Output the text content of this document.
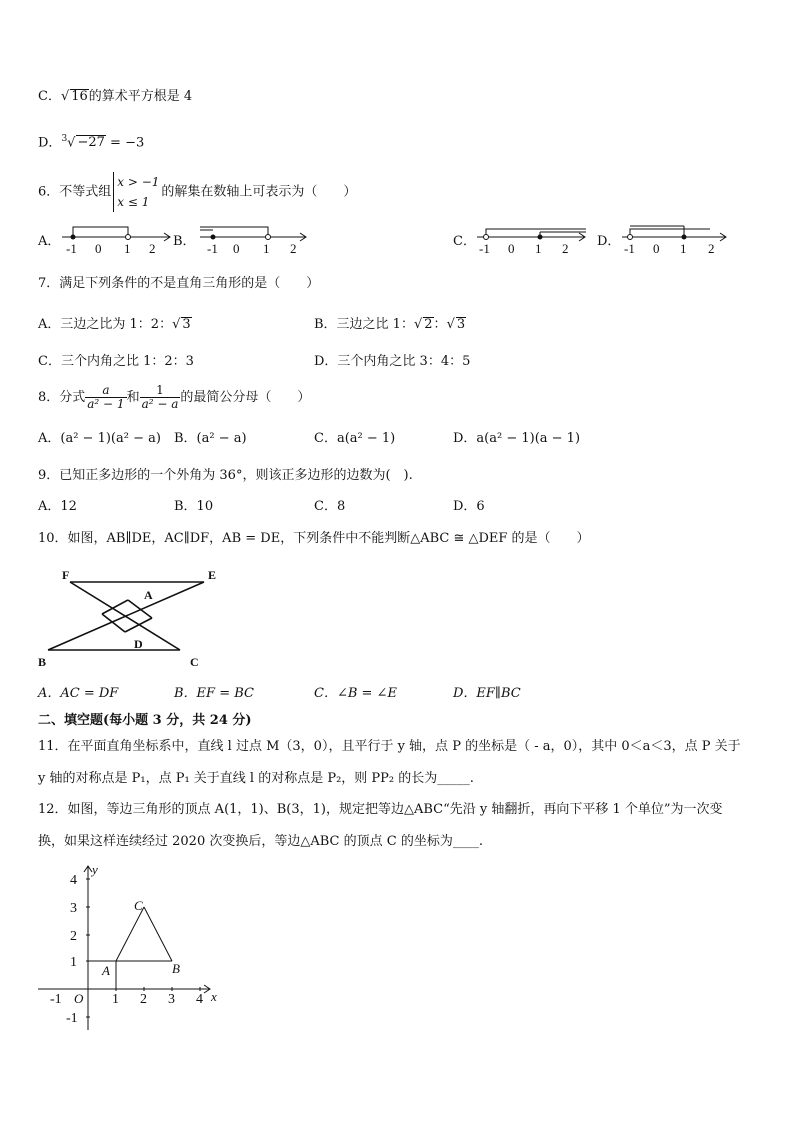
C．√ 16的算术平方根是 4
D．$^3$√ −27 = −3
6．不等式组
x > −1
x ≤ 1
的解集在数轴上可表示为（　　）
A．	B．	C．	D．
-1 0 1 2	-1 0 1 2	-1 0 1 2	-1 0 1 2
7．满足下列条件的不是直角三角形的是（　　）
A．三边之比为 1：2：√ 3	B．三边之比 1：√ 2：√ 3
C．三个内角之比 1：2：3	D．三个内角之比 3：4：5
8．分式 $\frac{a}{\text{a² − 1}}$ 和 $\frac{1}{\text{a² − a}}$ 的最简公分母（　　）
A．(a² − 1)(a² − a) B．(a² − a)	C．a(a² − 1)	D．a(a² − 1)(a − 1)
9．已知正多边形的一个外角为 36°，则该正多边形的边数为(　).
A．12	B．10	C．8	D．6
10．如图，AB∥DE，AC∥DF，AB = DE，下列条件中不能判断△ABC ≅ △DEF 的是（　　）
F	E
A
D
B	C
A．AC = DF	B．EF = BC	C．∠B = ∠E	D．EF∥BC
二、填空题(每小题 3 分，共 24 分)
11．在平面直角坐标系中，直线 l 过点 M（3，0），且平行于 y 轴，点 P 的坐标是（ - a，0），其中 0＜a＜3，点 P 关于
y 轴的对称点是 P₁，点 P₁ 关于直线 l 的对称点是 P₂，则 PP₂ 的长为_____.
12．如图，等边三角形的顶点 A(1，1)、B(3，1)，规定把等边△ABC“先沿 y 轴翻折，再向下平移 1 个单位”为一次变
换，如果这样连续经过 2020 次变换后，等边△ABC 的顶点 C 的坐标为____.
4
3
2
1
-1
-1	1 2 3 4
O	x
y
C
A	B
